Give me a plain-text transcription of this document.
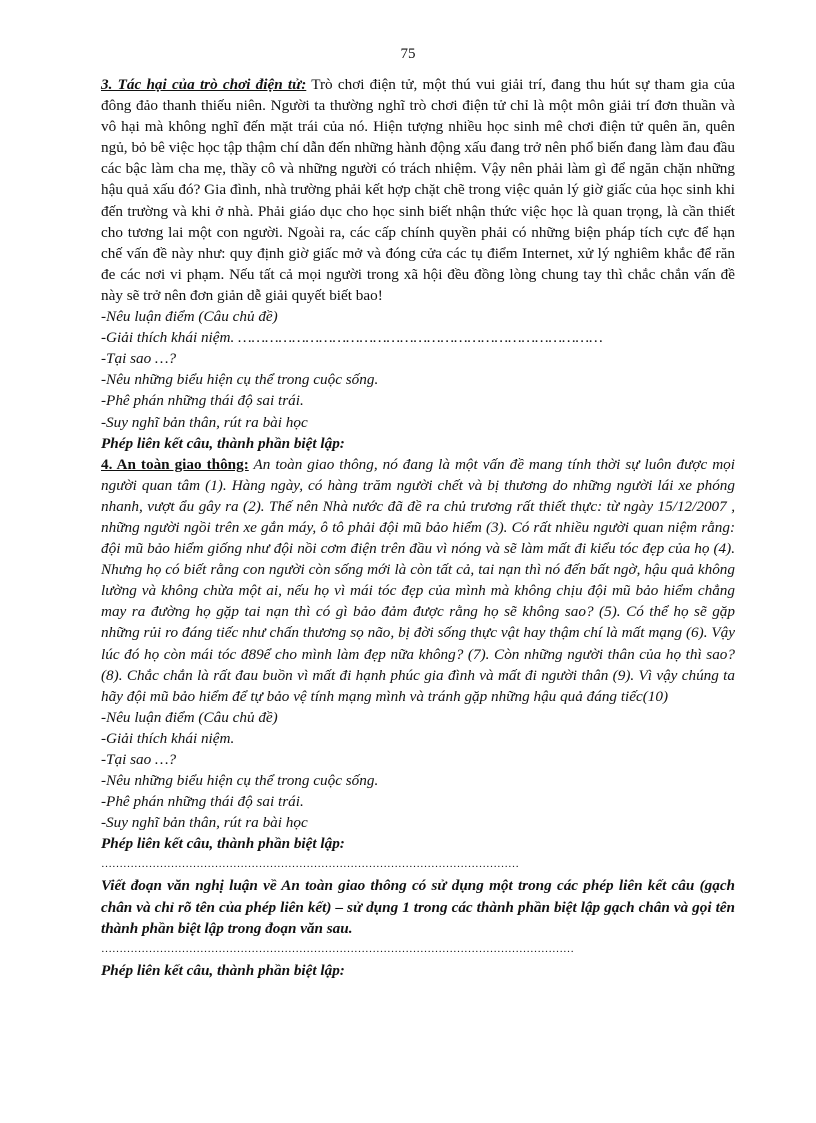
75

3. Tác hại của trò chơi điện tử: Trò chơi điện tử, một thú vui giải trí, đang thu hút sự tham gia của đông đảo thanh thiếu niên. Người ta thường nghĩ trò chơi điện tử chỉ là một môn giải trí đơn thuần và vô hại mà không nghĩ đến mặt trái của nó. Hiện tượng nhiều học sinh mê chơi điện tử quên ăn, quên ngủ, bỏ bê việc học tập thậm chí dẫn đến những hành động xấu đang trở nên phổ biến đang làm đau đầu các bậc làm cha mẹ, thầy cô và những người có trách nhiệm. Vậy nên phải làm gì để ngăn chặn những hậu quả xấu đó? Gia đình, nhà trường phải kết hợp chặt chẽ trong việc quản lý giờ giấc của học sinh khi đến trường và khi ở nhà. Phải giáo dục cho học sinh biết nhận thức việc học là quan trọng, là cần thiết cho tương lai một con người. Ngoài ra, các cấp chính quyền phải có những biện pháp tích cực để hạn chế vấn đề này như: quy định giờ giấc mở và đóng cửa các tụ điểm Internet, xử lý nghiêm khắc để răn đe các nơi vi phạm. Nếu tất cả mọi người trong xã hội đều đồng lòng chung tay thì chắc chắn vấn đề này sẽ trở nên đơn giản dễ giải quyết biết bao!

-Nêu luận điểm (Câu chủ đề)

-Giải thích khái niệm. ………………………………………………………………………

-Tại sao …?

-Nêu những biểu hiện cụ thể trong cuộc sống.

-Phê phán những thái độ sai trái.

-Suy nghĩ bản thân, rút ra bài học

Phép liên kết câu, thành phần biệt lập:

4. An toàn giao thông: An toàn giao thông, nó đang là một vấn đề mang tính thời sự luôn được mọi người quan tâm (1). Hàng ngày, có hàng trăm người chết và bị thương do những người lái xe phóng nhanh, vượt ẩu gây ra (2). Thế nên Nhà nước đã đề ra chủ trương rất thiết thực: từ ngày 15/12/2007 , những người ngồi trên xe gắn máy, ô tô phải đội mũ bảo hiểm (3). Có rất nhiều người quan niệm rằng: đội mũ bảo hiểm giống như đội nồi cơm điện trên đầu vì nóng và sẽ làm mất đi kiểu tóc đẹp của họ (4). Nhưng họ có biết rằng con người còn sống mới là còn tất cả, tai nạn thì nó đến bất ngờ, hậu quả không lường và không chừa một ai, nếu họ vì mái tóc đẹp của mình mà không chịu đội mũ bảo hiểm chẳng may ra đường họ gặp tai nạn thì có gì bảo đảm được rằng họ sẽ không sao? (5). Có thể họ sẽ gặp những rủi ro đáng tiếc như chấn thương sọ não, bị đời sống thực vật hay thậm chí là mất mạng (6). Vậy lúc đó họ còn mái tóc đ89ể cho mình làm đẹp nữa không? (7). Còn những người thân của họ thì sao? (8). Chắc chắn là rất đau buồn vì mất đi hạnh phúc gia đình và mất đi người thân (9). Vì vậy chúng ta hãy đội mũ bảo hiểm để tự bảo vệ tính mạng mình và tránh gặp những hậu quả đáng tiếc(10)

-Nêu luận điểm (Câu chủ đề)

-Giải thích khái niệm.

-Tại sao …?

-Nêu những biểu hiện cụ thể trong cuộc sống.

-Phê phán những thái độ sai trái.

-Suy nghĩ bản thân, rút ra bài học

Phép liên kết câu, thành phần biệt lập:

……………………………………………………………………………………………………

Viết đoạn văn nghị luận về An toàn giao thông có sử dụng một trong các phép liên kết câu (gạch chân và chỉ rõ tên của phép liên kết) – sử dụng 1 trong các thành phần biệt lập gạch chân và gọi tên thành phần biệt lập trong đoạn văn sau.

…………………………………………………………………………………………………………………

Phép liên kết câu, thành phần biệt lập:
